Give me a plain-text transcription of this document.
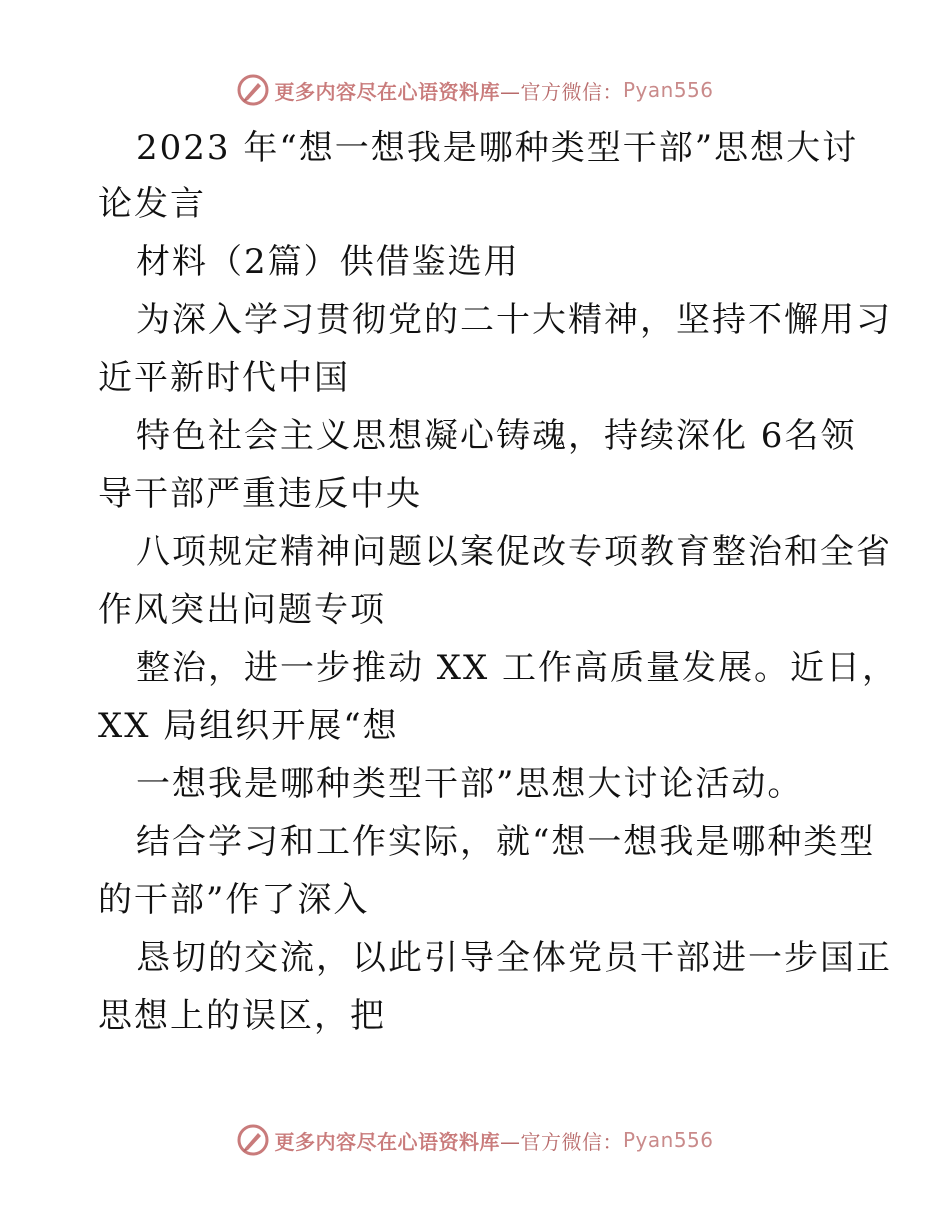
更多内容尽在心语资料库 —官方微信： Pyan556
2023 年“想一想我是哪种类型干部”思想大讨
论发言
材料（2篇）供借鉴选用
为深入学习贯彻党的二十大精神，坚持不懈用习
近平新时代中国
特色社会主义思想凝心铸魂，持续深化 6名领
导干部严重违反中央
八项规定精神问题以案促改专项教育整治和全省
作风突出问题专项
整治，进一步推动 XX 工作高质量发展。近日，
XX 局组织开展“想
一想我是哪种类型干部”思想大讨论活动。
结合学习和工作实际，就“想一想我是哪种类型
的干部”作了深入
恳切的交流，以此引导全体党员干部进一步国正
思想上的误区，把
更多内容尽在心语资料库 —官方微信： Pyan556
